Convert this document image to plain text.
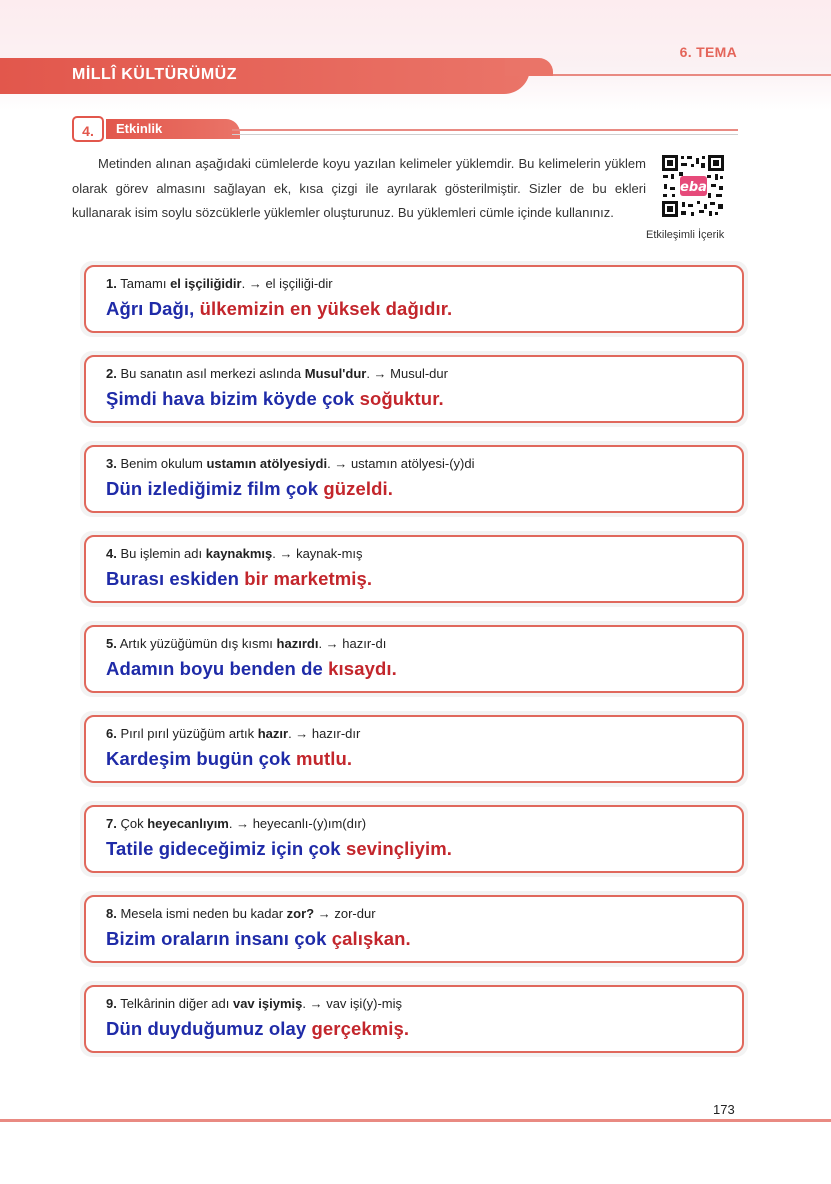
6. TEMA
MİLLÎ KÜLTÜRÜMÜZ
4.	Etkinlik
Metinden alınan aşağıdaki cümlelerde koyu yazılan kelimeler yüklemdir. Bu kelimelerin yüklem olarak görev almasını sağlayan ek, kısa çizgi ile ayrılarak gösterilmiştir. Sizler de bu ekleri kullanarak isim soylu sözcüklerle yüklemler oluşturunuz. Bu yüklemleri cümle içinde kullanınız.
eba
Etkileşimli İçerik
1. Tamamı el işçiliğidir. → el işçiliği-dir
Ağrı Dağı, ülkemizin en yüksek dağıdır.
2. Bu sanatın asıl merkezi aslında Musul'dur. → Musul-dur
Şimdi hava bizim köyde çok soğuktur.
3. Benim okulum ustamın atölyesiydi. → ustamın atölyesi-(y)di
Dün izlediğimiz film çok güzeldi.
4. Bu işlemin adı kaynakmış. → kaynak-mış
Burası eskiden bir marketmiş.
5. Artık yüzüğümün dış kısmı hazırdı. → hazır-dı
Adamın boyu benden de kısaydı.
6. Pırıl pırıl yüzüğüm artık hazır. → hazır-dır
Kardeşim bugün çok mutlu.
7. Çok heyecanlıyım. → heyecanlı-(y)ım(dır)
Tatile gideceğimiz için çok sevinçliyim.
8. Mesela ismi neden bu kadar zor? → zor-dur
Bizim oraların insanı çok çalışkan.
9. Telkârinin diğer adı vav işiymiş. → vav işi(y)-miş
Dün duyduğumuz olay gerçekmiş.
173
